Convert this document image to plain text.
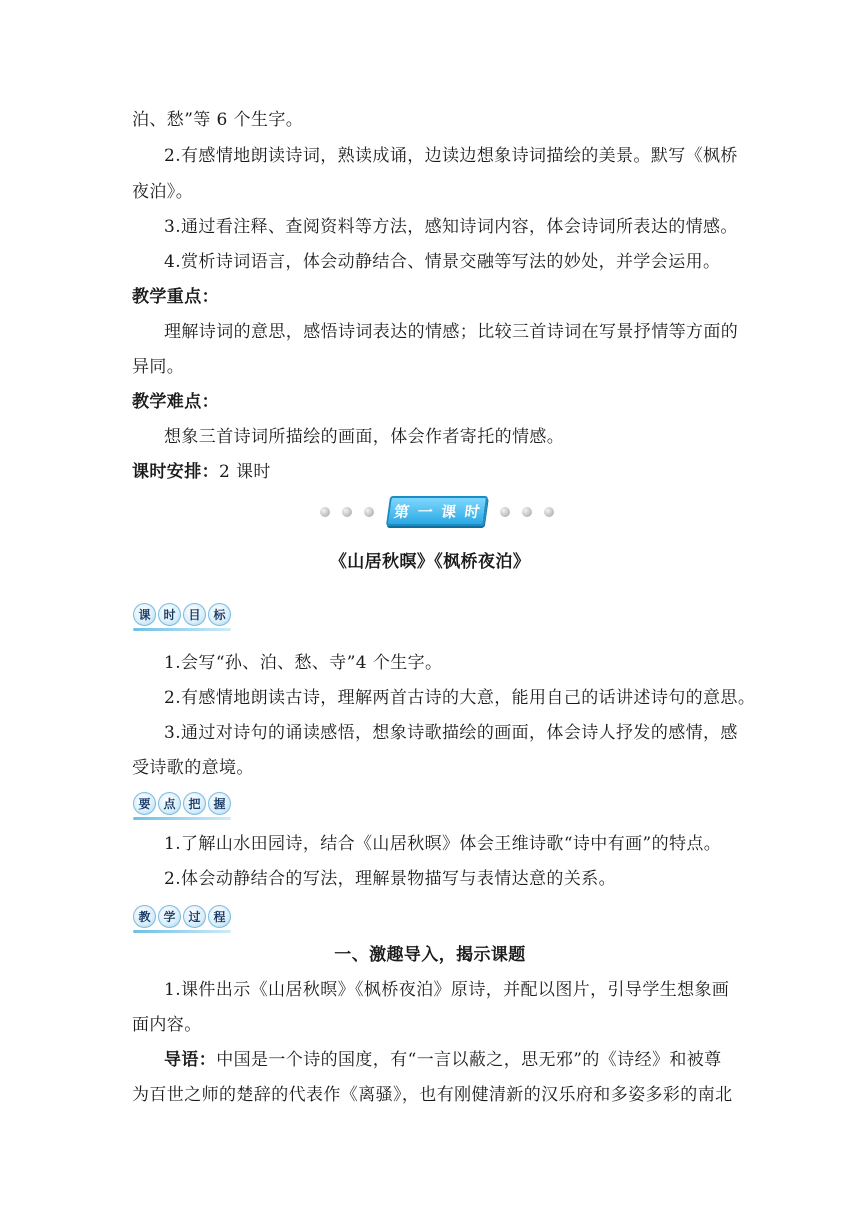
泊、愁”等 6 个生字。
2.有感情地朗读诗词，熟读成诵，边读边想象诗词描绘的美景。默写《枫桥
夜泊》。
3.通过看注释、查阅资料等方法，感知诗词内容，体会诗词所表达的情感。
4.赏析诗词语言，体会动静结合、情景交融等写法的妙处，并学会运用。
教学重点：
理解诗词的意思，感悟诗词表达的情感；比较三首诗词在写景抒情等方面的
异同。
教学难点：
想象三首诗词所描绘的画面，体会作者寄托的情感。
课时安排：2 课时
第 一 课 时
《山居秋暝》《枫桥夜泊》
课	时	目	标
1.会写“孙、泊、愁、寺”4 个生字。
2.有感情地朗读古诗，理解两首古诗的大意，能用自己的话讲述诗句的意思。
3.通过对诗句的诵读感悟，想象诗歌描绘的画面，体会诗人抒发的感情，感
受诗歌的意境。
要	点	把	握
1.了解山水田园诗，结合《山居秋暝》体会王维诗歌“诗中有画”的特点。
2.体会动静结合的写法，理解景物描写与表情达意的关系。
教	学	过	程
一、激趣导入，揭示课题
1.课件出示《山居秋暝》《枫桥夜泊》原诗，并配以图片，引导学生想象画
面内容。
导语：中国是一个诗的国度，有“一言以蔽之，思无邪”的《诗经》和被尊
为百世之师的楚辞的代表作《离骚》，也有刚健清新的汉乐府和多姿多彩的南北
